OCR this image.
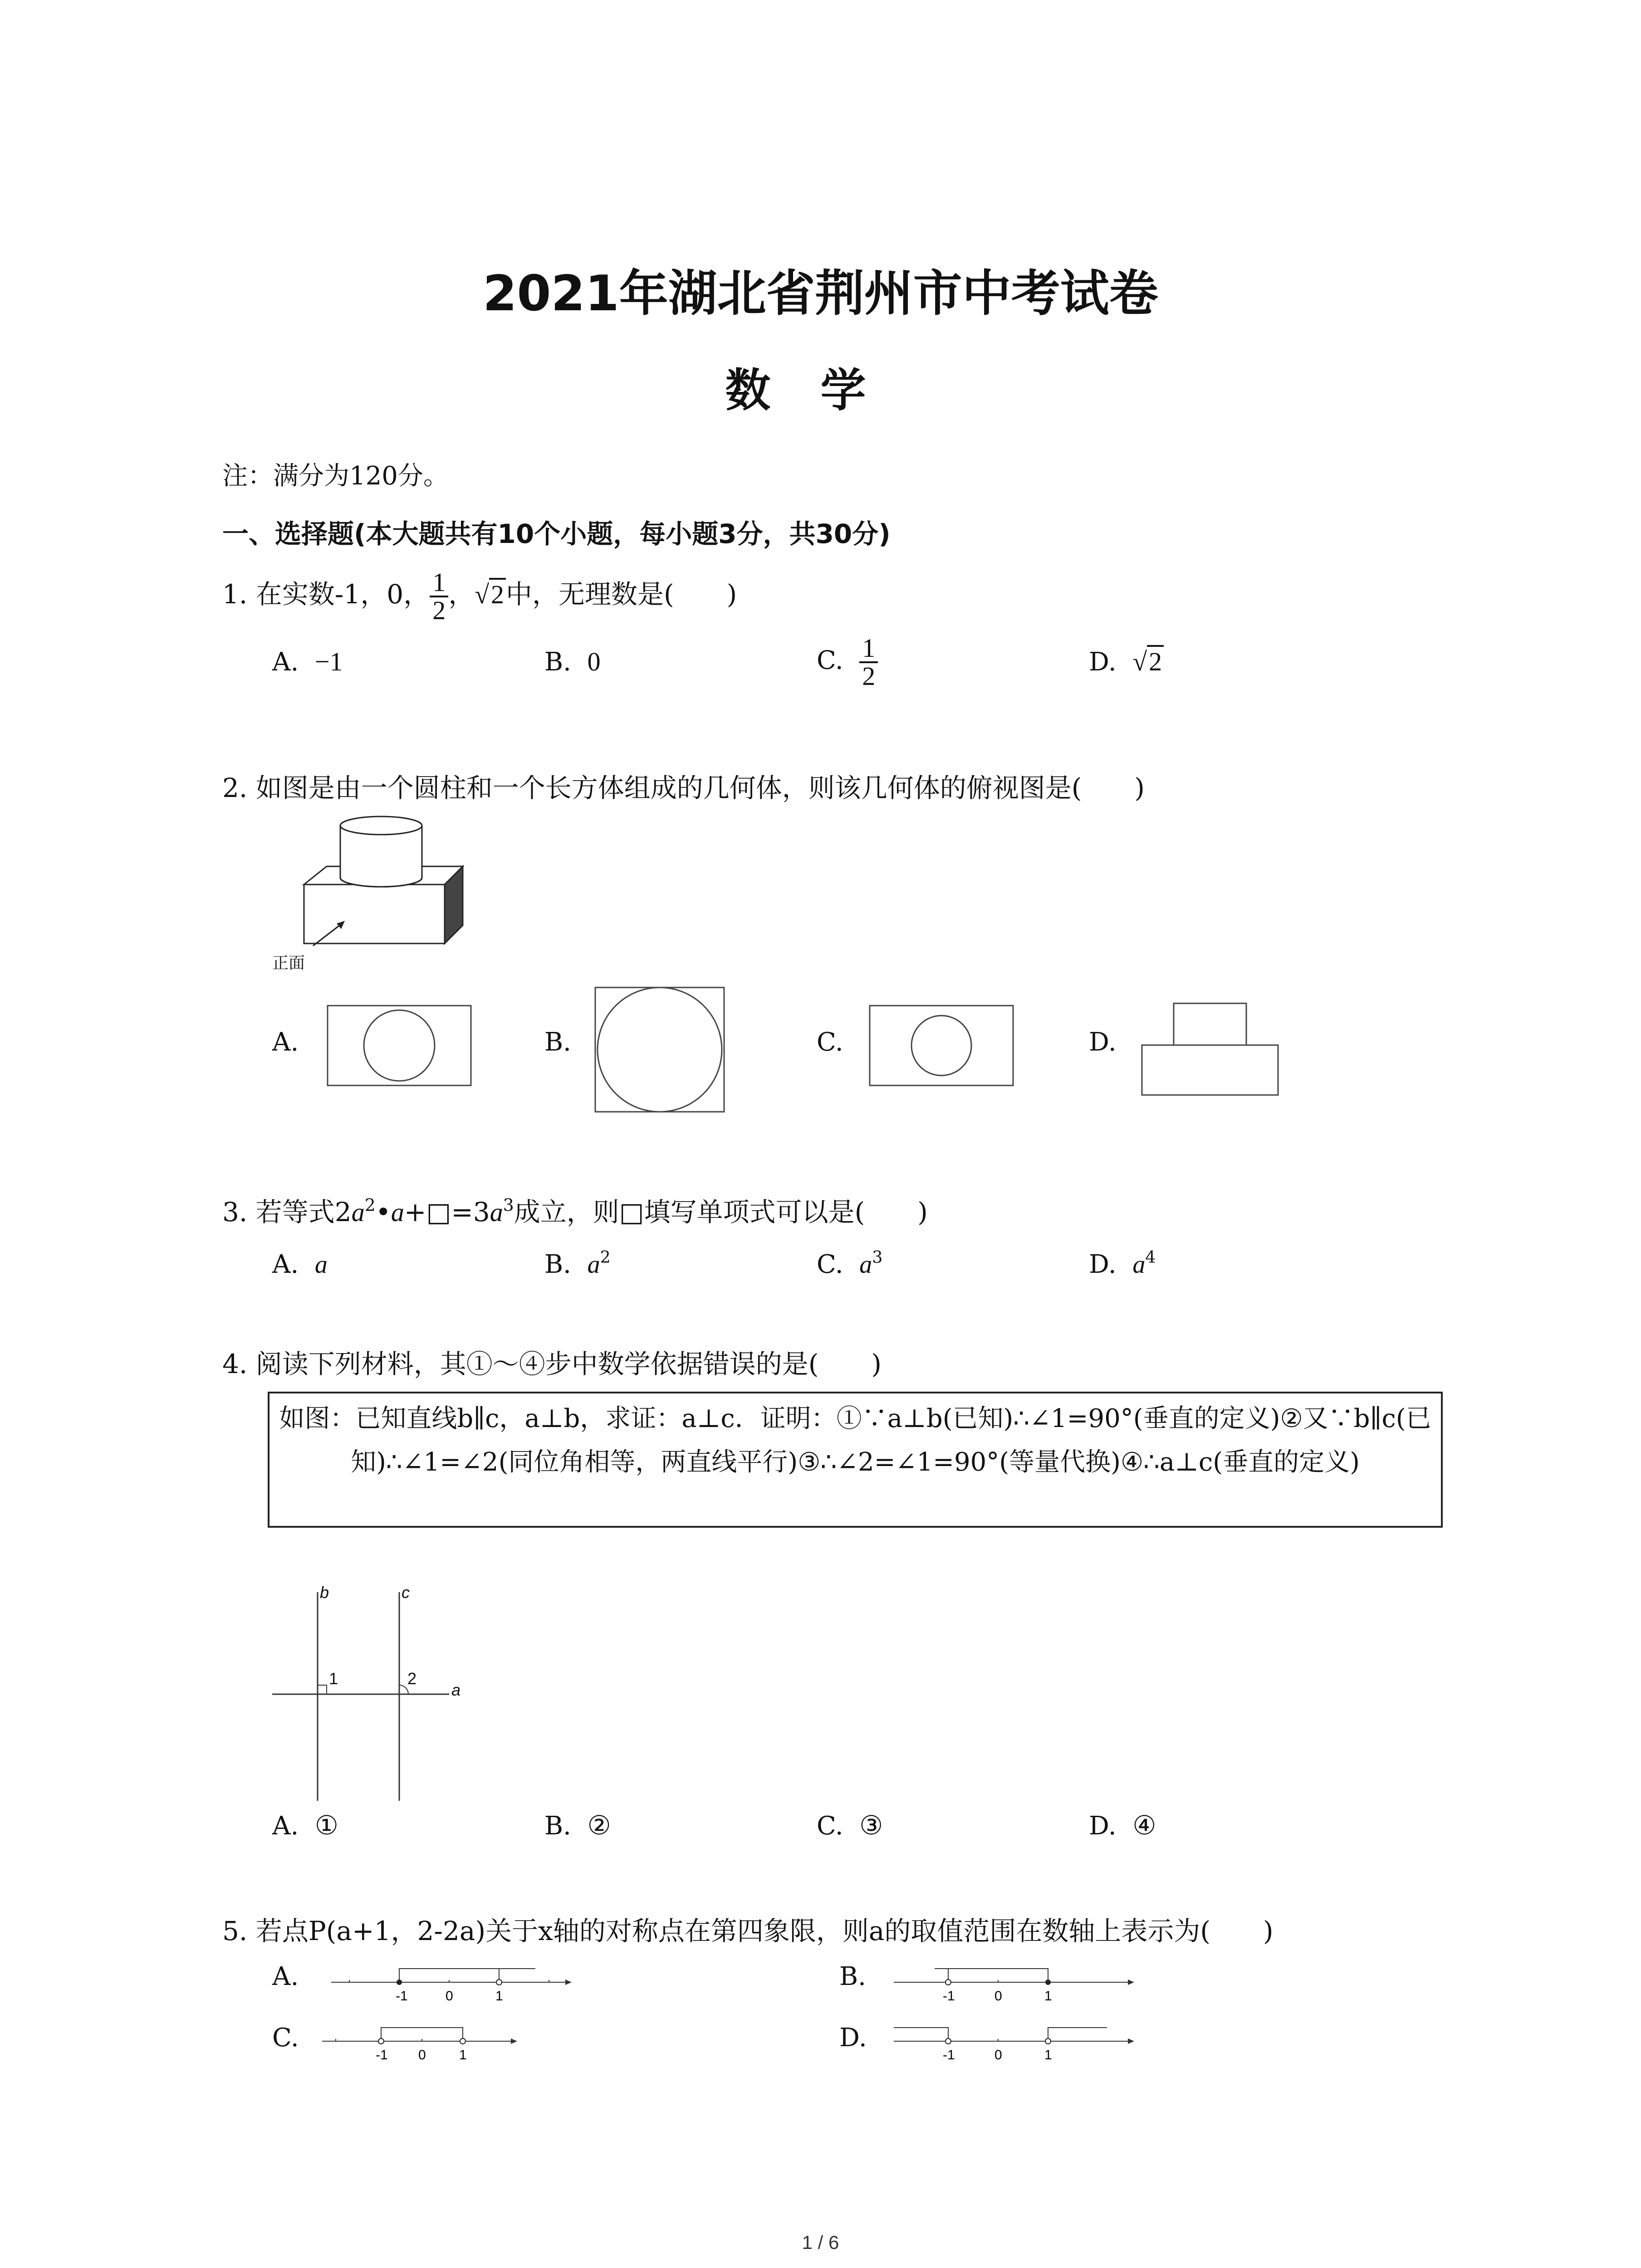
2021年湖北省荆州市中考试卷
数学
注：满分为120分。
一、选择题(本大题共有10个小题，每小题3分，共30分)
1. 在实数-1，0， $\frac{1}{2}$ ，√2中，无理数是(　　)
A. −1	B. 0	C. $\frac{1}{2}$	D. √2
2. 如图是由一个圆柱和一个长方体组成的几何体，则该几何体的俯视图是(　　)
正面
A.	B.	C.	D.
3. 若等式$2a^2•a+□=3a^3$成立，则□填写单项式可以是(　　)
A. a	B. $a^2$	C. $a^3$	D. $a^4$
4. 阅读下列材料，其①～④步中数学依据错误的是(　　)
如图：已知直线b∥c，a⊥b，求证：a⊥c．证明：①∵a⊥b(已知)∴∠1=90°(垂直的定义)②又∵b∥c(已知)∴∠1=∠2(同位角相等，两直线平行)③∴∠2=∠1=90°(等量代换)④∴a⊥c(垂直的定义)
b	c
a
1	2
A. ①	B. ②	C. ③	D. ④
5. 若点P(a+1，2-2a)关于x轴的对称点在第四象限，则a的取值范围在数轴上表示为(　　)
A.
-1	0	1
B.
-1	0	1
C.
-1 0 1
D.
-1	0	1
1 / 6
